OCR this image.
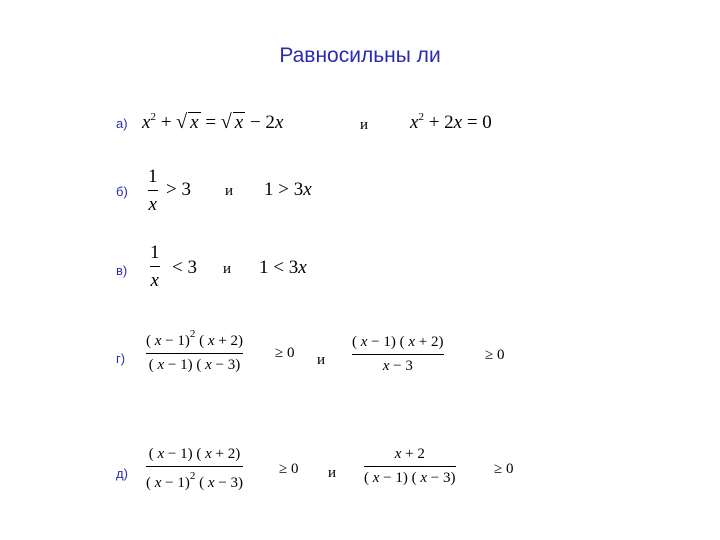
Равносильны ли
а) $x^2$ + √ x = √ x − 2x	и $x^2 + 2x = 0$
б)
1
x
> 3 и 1 > 3x
в)
1
x
< 3 и 1 < 3x
г)
( x − 1)$^2$ ( x + 2)
( x − 1) ( x − 3)
≥ 0 и
( x − 1) ( x + 2)
x − 3
≥ 0
д)
( x − 1) ( x + 2)
( x − 1)$^2$ ( x − 3)
≥ 0 и
x + 2
( x − 1) ( x − 3)
≥ 0
